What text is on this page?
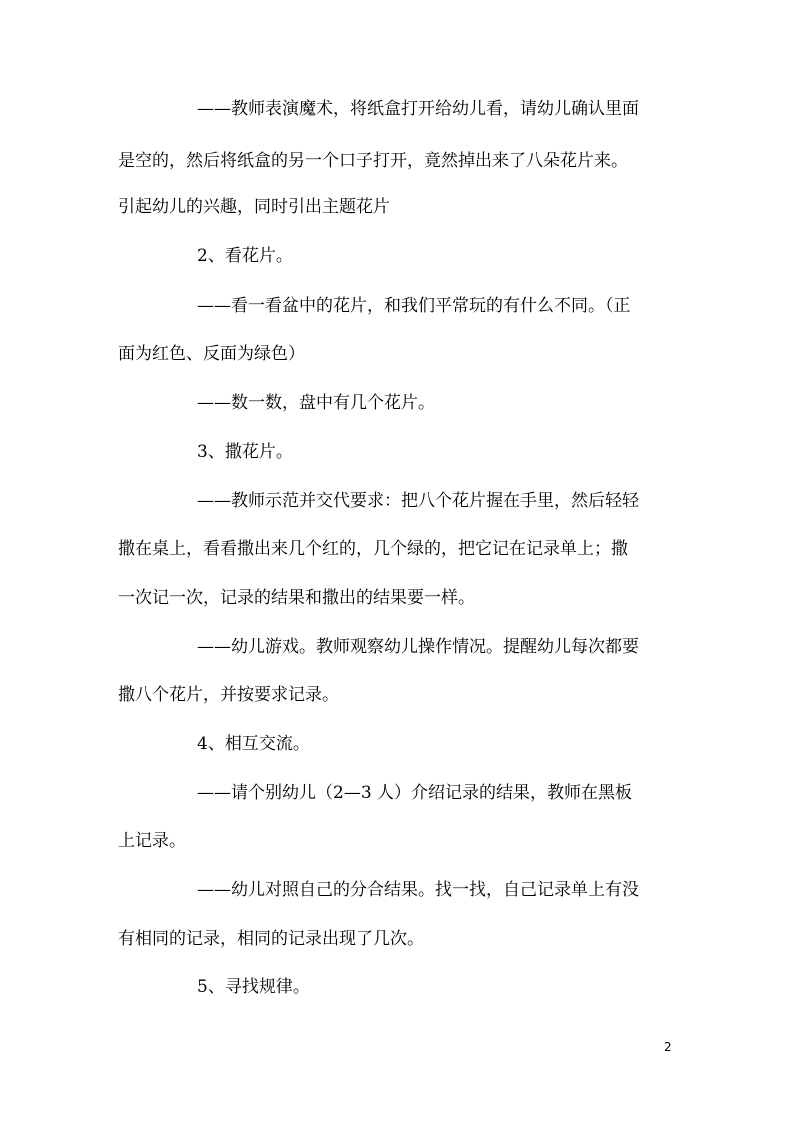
——教师表演魔术，将纸盒打开给幼儿看，请幼儿确认里面
是空的，然后将纸盒的另一个口子打开，竟然掉出来了八朵花片来。
引起幼儿的兴趣，同时引出主题花片
2、看花片。
——看一看盆中的花片，和我们平常玩的有什么不同。（正
面为红色、反面为绿色）
——数一数，盘中有几个花片。
3、撒花片。
——教师示范并交代要求：把八个花片握在手里，然后轻轻
撒在桌上，看看撒出来几个红的，几个绿的，把它记在记录单上；撒
一次记一次，记录的结果和撒出的结果要一样。
——幼儿游戏。教师观察幼儿操作情况。提醒幼儿每次都要
撒八个花片，并按要求记录。
4、相互交流。
——请个别幼儿（2—3 人）介绍记录的结果，教师在黑板
上记录。
——幼儿对照自己的分合结果。找一找，自己记录单上有没
有相同的记录，相同的记录出现了几次。
5、寻找规律。
2
